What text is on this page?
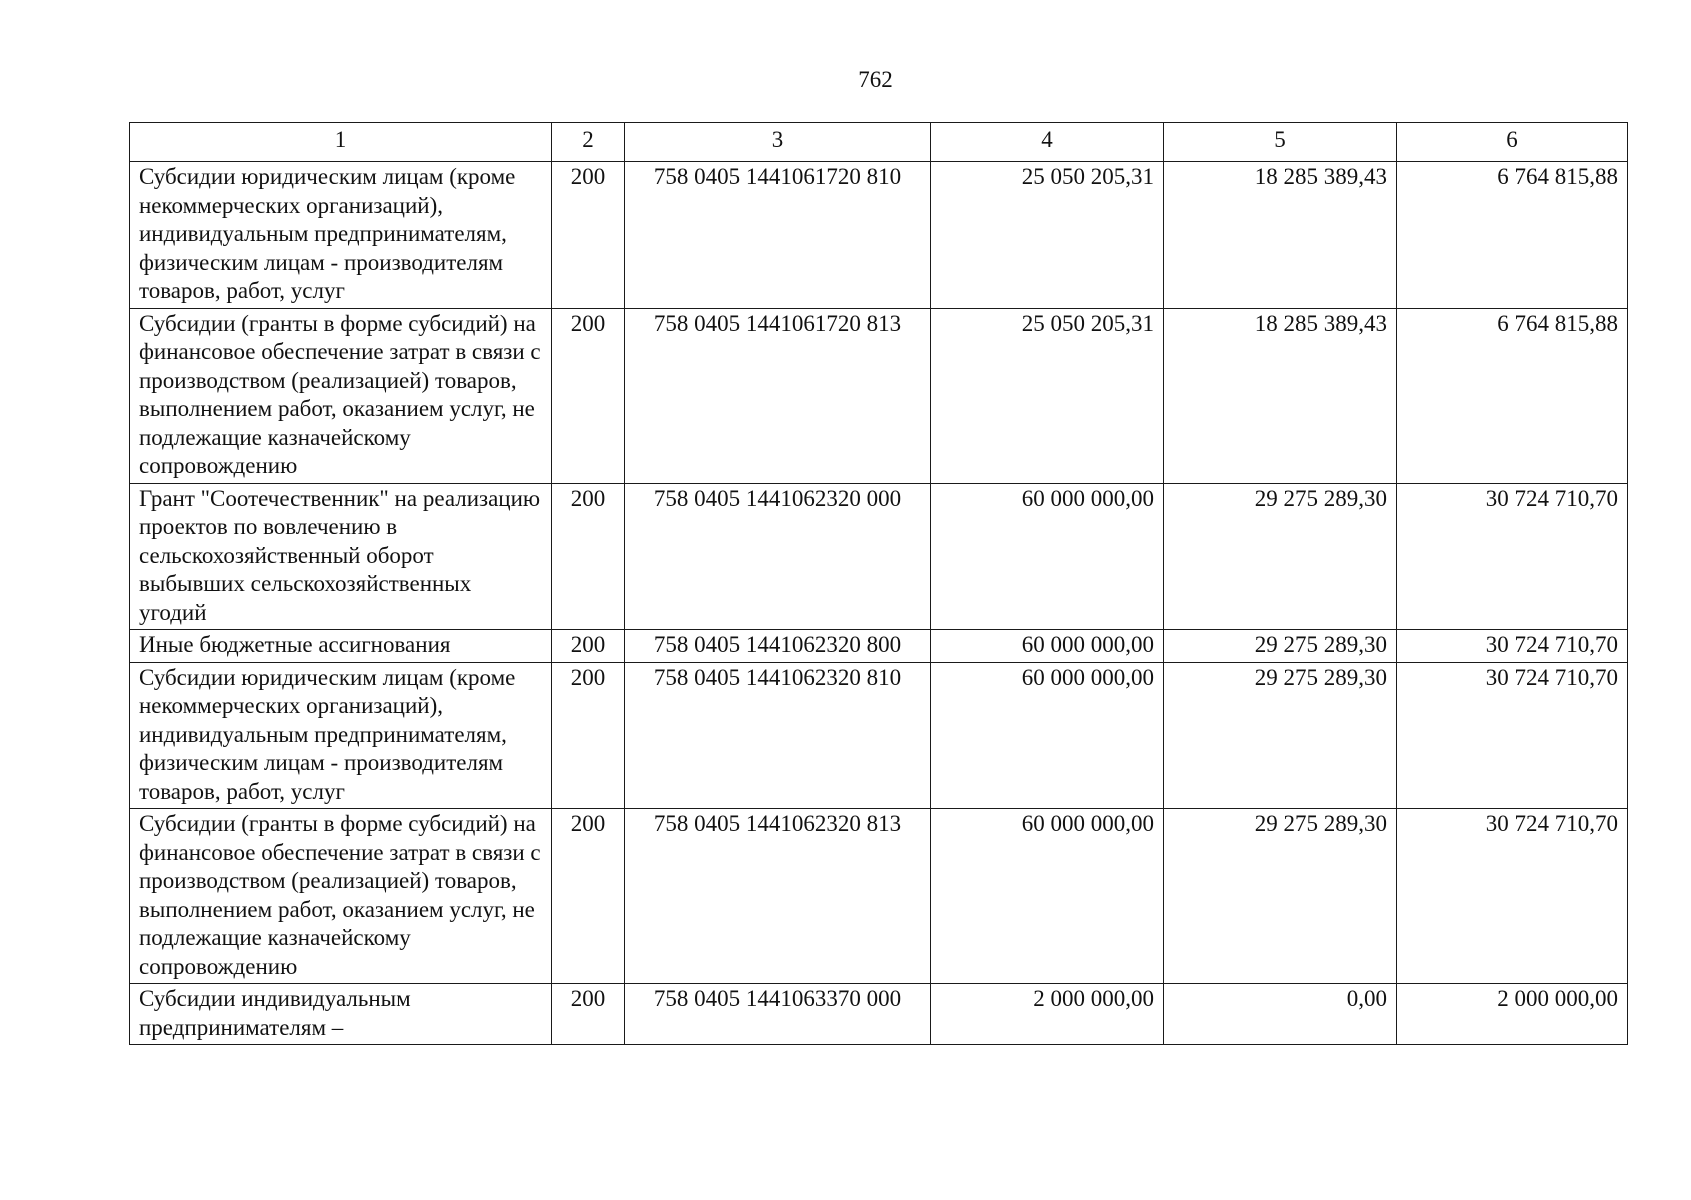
762
1	2	3	4	5	6
Субсидии юридическим лицам (кроме некоммерческих организаций), индивидуальным предпринимателям, физическим лицам - производителям товаров, работ, услуг	200	758 0405 1441061720 810	25 050 205,31	18 285 389,43	6 764 815,88
Субсидии (гранты в форме субсидий) на финансовое обеспечение затрат в связи с производством (реализацией) товаров, выполнением работ, оказанием услуг, не подлежащие казначейскому сопровождению	200	758 0405 1441061720 813	25 050 205,31	18 285 389,43	6 764 815,88
Грант "Соотечественник" на реализацию проектов по вовлечению в сельскохозяйственный оборот выбывших сельскохозяйственных угодий	200	758 0405 1441062320 000	60 000 000,00	29 275 289,30	30 724 710,70
Иные бюджетные ассигнования	200	758 0405 1441062320 800	60 000 000,00	29 275 289,30	30 724 710,70
Субсидии юридическим лицам (кроме некоммерческих организаций), индивидуальным предпринимателям, физическим лицам - производителям товаров, работ, услуг	200	758 0405 1441062320 810	60 000 000,00	29 275 289,30	30 724 710,70
Субсидии (гранты в форме субсидий) на финансовое обеспечение затрат в связи с производством (реализацией) товаров, выполнением работ, оказанием услуг, не подлежащие казначейскому сопровождению	200	758 0405 1441062320 813	60 000 000,00	29 275 289,30	30 724 710,70
Субсидии индивидуальным предпринимателям –	200	758 0405 1441063370 000	2 000 000,00	0,00	2 000 000,00
